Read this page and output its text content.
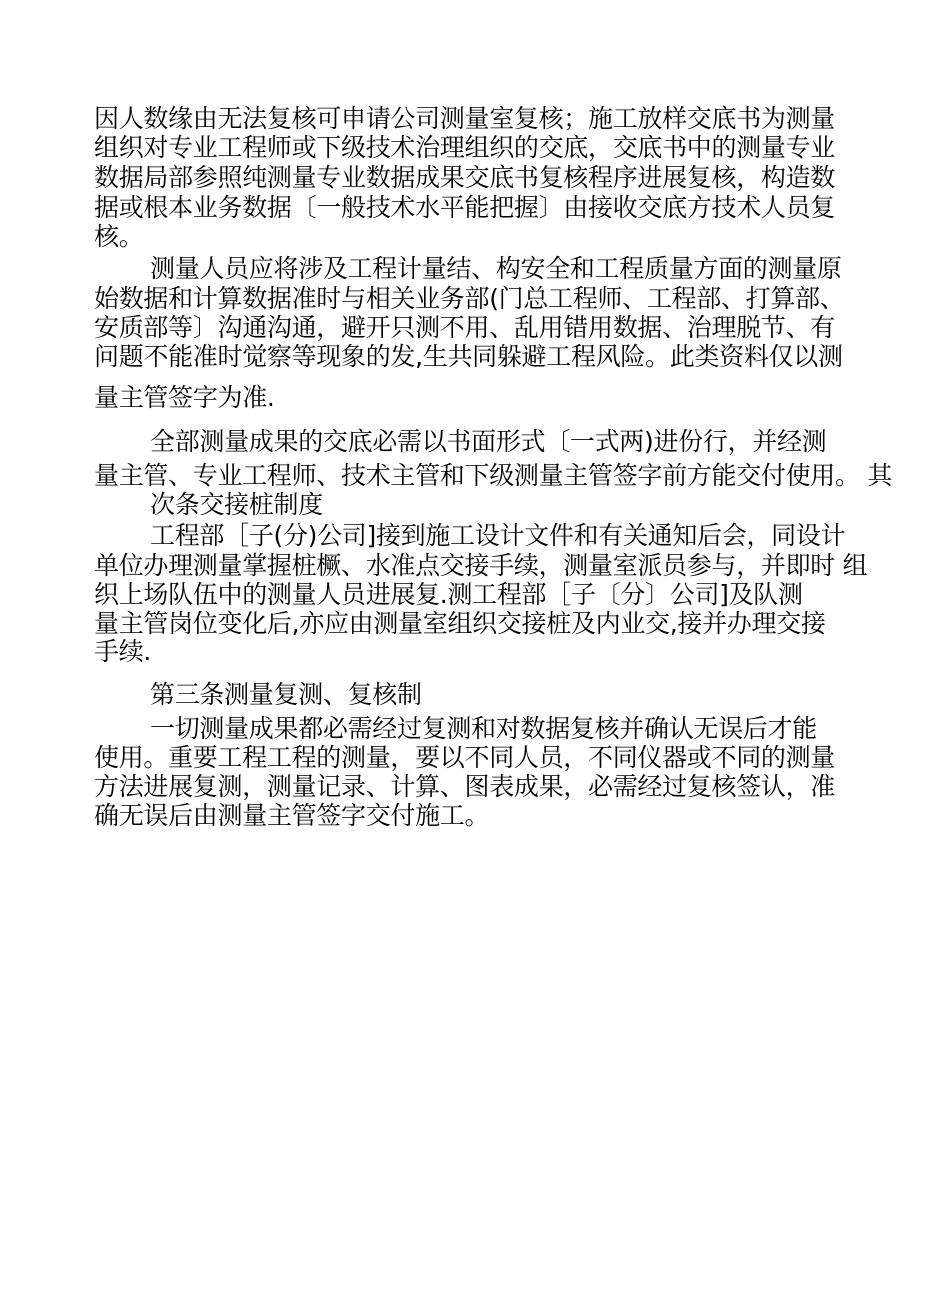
因人数缘由无法复核可申请公司测量室复核；施工放样交底书为测量

组织对专业工程师或下级技术治理组织的交底，交底书中的测量专业

数据局部参照纯测量专业数据成果交底书复核程序进展复核，构造数

据或根本业务数据〔一般技术水平能把握〕由接收交底方技术人员复

核。

测量人员应将涉及工程计量结、构安全和工程质量方面的测量原

始数据和计算数据准时与相关业务部(门总工程师、工程部、打算部、

安质部等〕沟通沟通，避开只测不用、乱用错用数据、治理脱节、有

问题不能准时觉察等现象的发,生共同躲避工程风险。此类资料仅以测

量主管签字为准.

全部测量成果的交底必需以书面形式〔一式两)进份行，并经测

量主管、专业工程师、技术主管和下级测量主管签字前方能交付使用。 其

次条交接桩制度

工程部［子(分)公司]接到施工设计文件和有关通知后会，同设计

单位办理测量掌握桩橛、水准点交接手续，测量室派员参与，并即时 组

织上场队伍中的测量人员进展复.测工程部［子〔分〕公司]及队测

量主管岗位变化后,亦应由测量室组织交接桩及内业交,接并办理交接

手续.

第三条测量复测、复核制

一切测量成果都必需经过复测和对数据复核并确认无误后才能

使用。重要工程工程的测量，要以不同人员，不同仪器或不同的测量

方法进展复测，测量记录、计算、图表成果，必需经过复核签认，准

确无误后由测量主管签字交付施工。
